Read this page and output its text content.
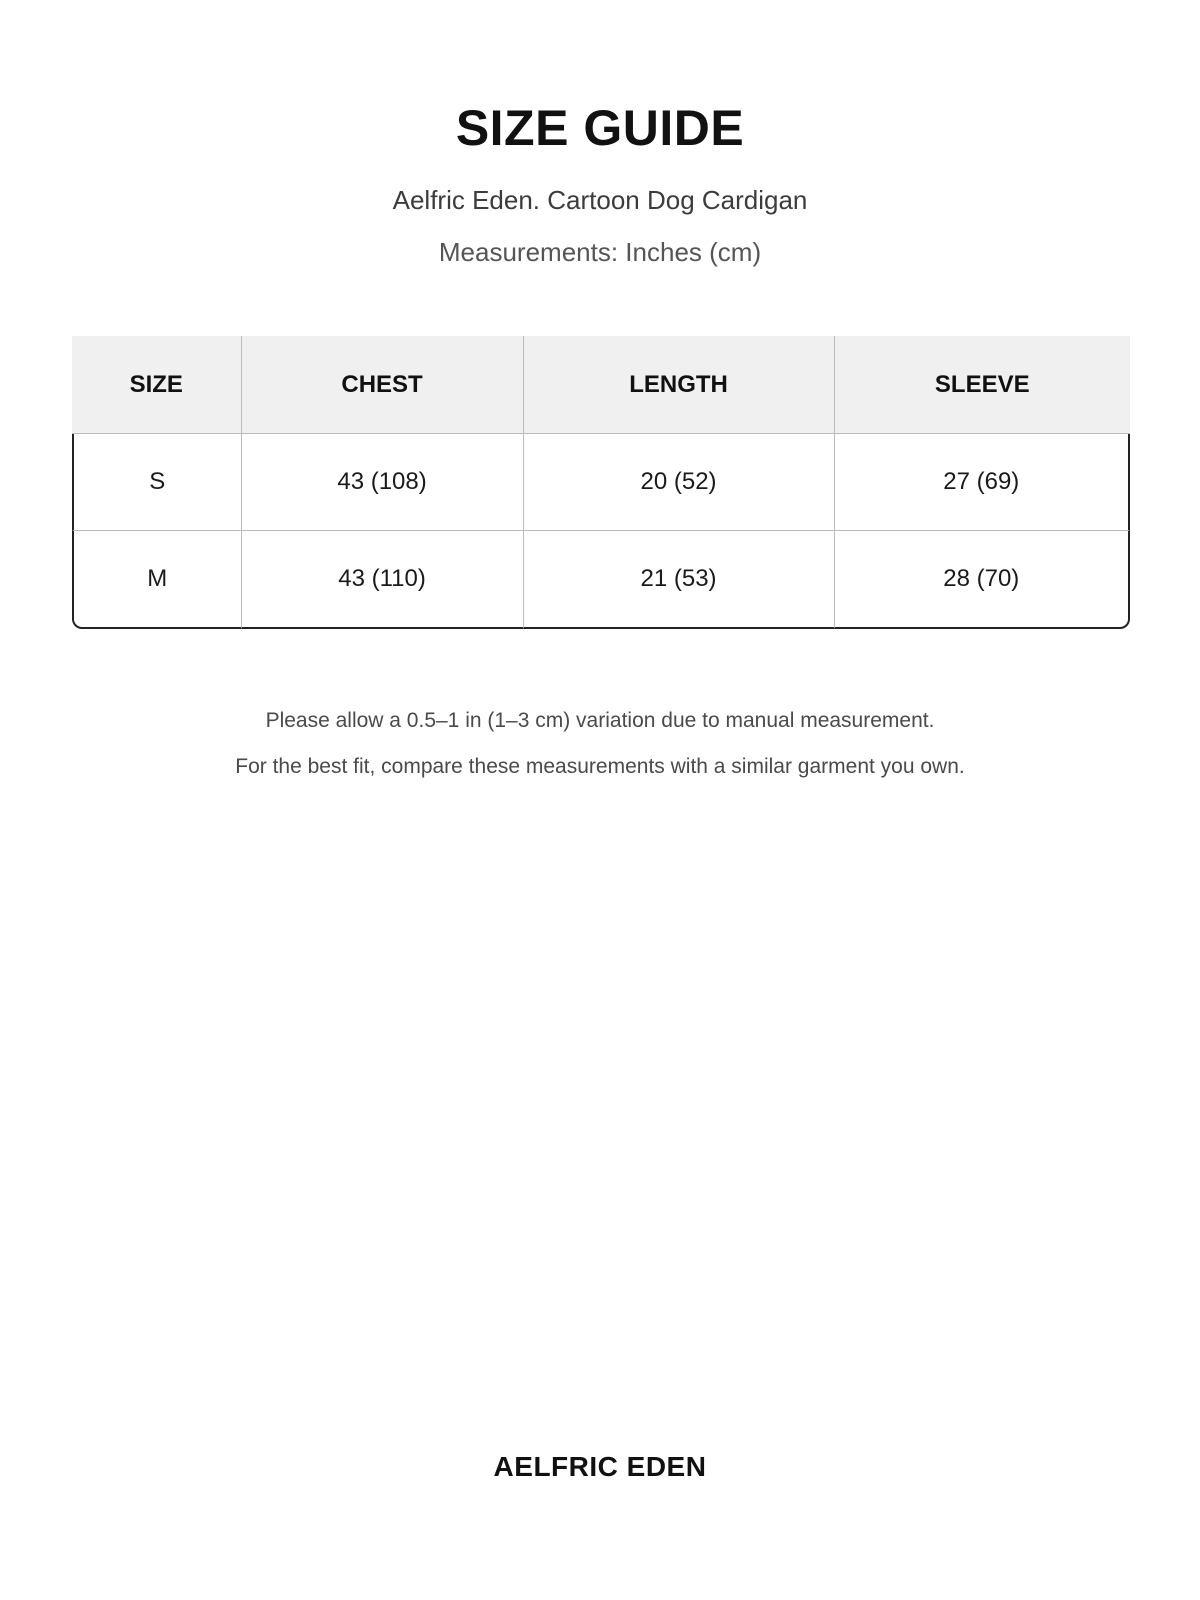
SIZE GUIDE
Aelfric Eden. Cartoon Dog Cardigan
Measurements: Inches (cm)
SIZE	CHEST	LENGTH	SLEEVE
S	43 (108)	20 (52)	27 (69)
M	43 (110)	21 (53)	28 (70)
Please allow a 0.5–1 in (1–3 cm) variation due to manual measurement.
For the best fit, compare these measurements with a similar garment you own.
AELFRIC EDEN
